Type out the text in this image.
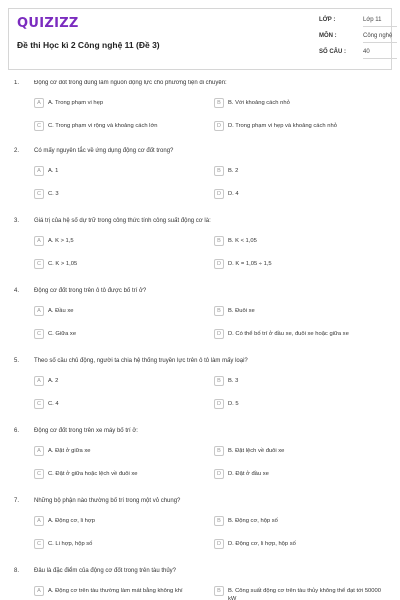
QUIZIZZ
Đề thi Học kì 2 Công nghệ 11 (Đề 3)
LỚP :	Lớp 11
MÔN :	Công nghệ
SỐ CÂU :	40
1. Động cơ đốt trong dùng làm nguồn động lực cho phương tiện di chuyển:
A	A. Trong phạm vi hẹp	B	B. Với khoảng cách nhỏ
C	C. Trong phạm vi rộng và khoảng cách lớn	D	D. Trong phạm vi hẹp và khoảng cách nhỏ
2. Có mấy nguyên tắc về ứng dụng động cơ đốt trong?
A	A. 1	B	B. 2
C	C. 3	D	D. 4
3. Giá trị của hệ số dự trữ trong công thức tính công suất động cơ là:
A	A. K > 1,5	B	B. K < 1,05
C	C. K > 1,05	D	D. K = 1,05 ÷ 1,5
4. Động cơ đốt trong trên ô tô được bố trí ở?
A	A. Đầu xe	B	B. Đuôi xe
C	C. Giữa xe	D	D. Có thể bố trí ở đầu xe, đuôi xe hoặc giữa xe
5. Theo số cầu chủ động, người ta chia hệ thống truyền lực trên ô tô làm mấy loại?
A	A. 2	B	B. 3
C	C. 4	D	D. 5
6. Động cơ đốt trong trên xe máy bố trí ở:
A	A. Đặt ở giữa xe	B	B. Đặt lệch về đuôi xe
C	C. Đặt ở giữa hoặc lệch về đuôi xe	D	D. Đặt ở đầu xe
7. Những bộ phận nào thường bố trí trong một vỏ chung?
A	A. Động cơ, li hợp	B	B. Động cơ, hộp số
C	C. Li hợp, hộp số	D	D. Động cơ, li hợp, hộp số
8. Đâu là đặc điểm của động cơ đốt trong trên tàu thủy?
A	A. Động cơ trên tàu thường làm mát bằng không khí	B	B. Công suất động cơ trên tàu thủy không thể đạt tới 50000 kW
